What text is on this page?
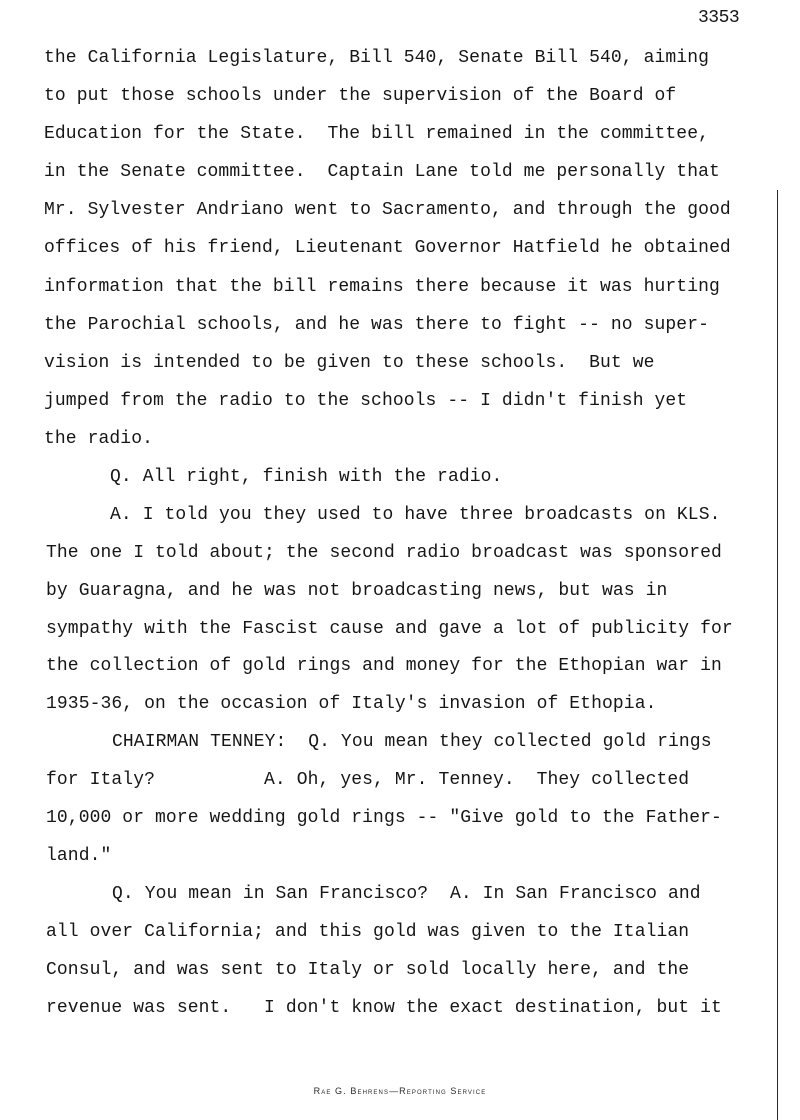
3353

the California Legislature, Bill 540, Senate Bill 540, aiming

to put those schools under the supervision of the Board of

Education for the State.  The bill remained in the committee,

in the Senate committee.  Captain Lane told me personally that

Mr. Sylvester Andriano went to Sacramento, and through the good

offices of his friend, Lieutenant Governor Hatfield he obtained

information that the bill remains there because it was hurting

the Parochial schools, and he was there to fight -- no super-

vision is intended to be given to these schools.  But we

jumped from the radio to the schools -- I didn't finish yet

the radio.

Q. All right, finish with the radio.

A. I told you they used to have three broadcasts on KLS.

The one I told about; the second radio broadcast was sponsored

by Guaragna, and he was not broadcasting news, but was in

sympathy with the Fascist cause and gave a lot of publicity for

the collection of gold rings and money for the Ethopian war in

1935-36, on the occasion of Italy's invasion of Ethopia.

CHAIRMAN TENNEY:  Q. You mean they collected gold rings

for Italy?          A. Oh, yes, Mr. Tenney.  They collected

10,000 or more wedding gold rings -- "Give gold to the Father-

land."

Q. You mean in San Francisco?  A. In San Francisco and

all over California; and this gold was given to the Italian

Consul, and was sent to Italy or sold locally here, and the

revenue was sent.   I don't know the exact destination, but it

Rae G. Behrens—Reporting Service
